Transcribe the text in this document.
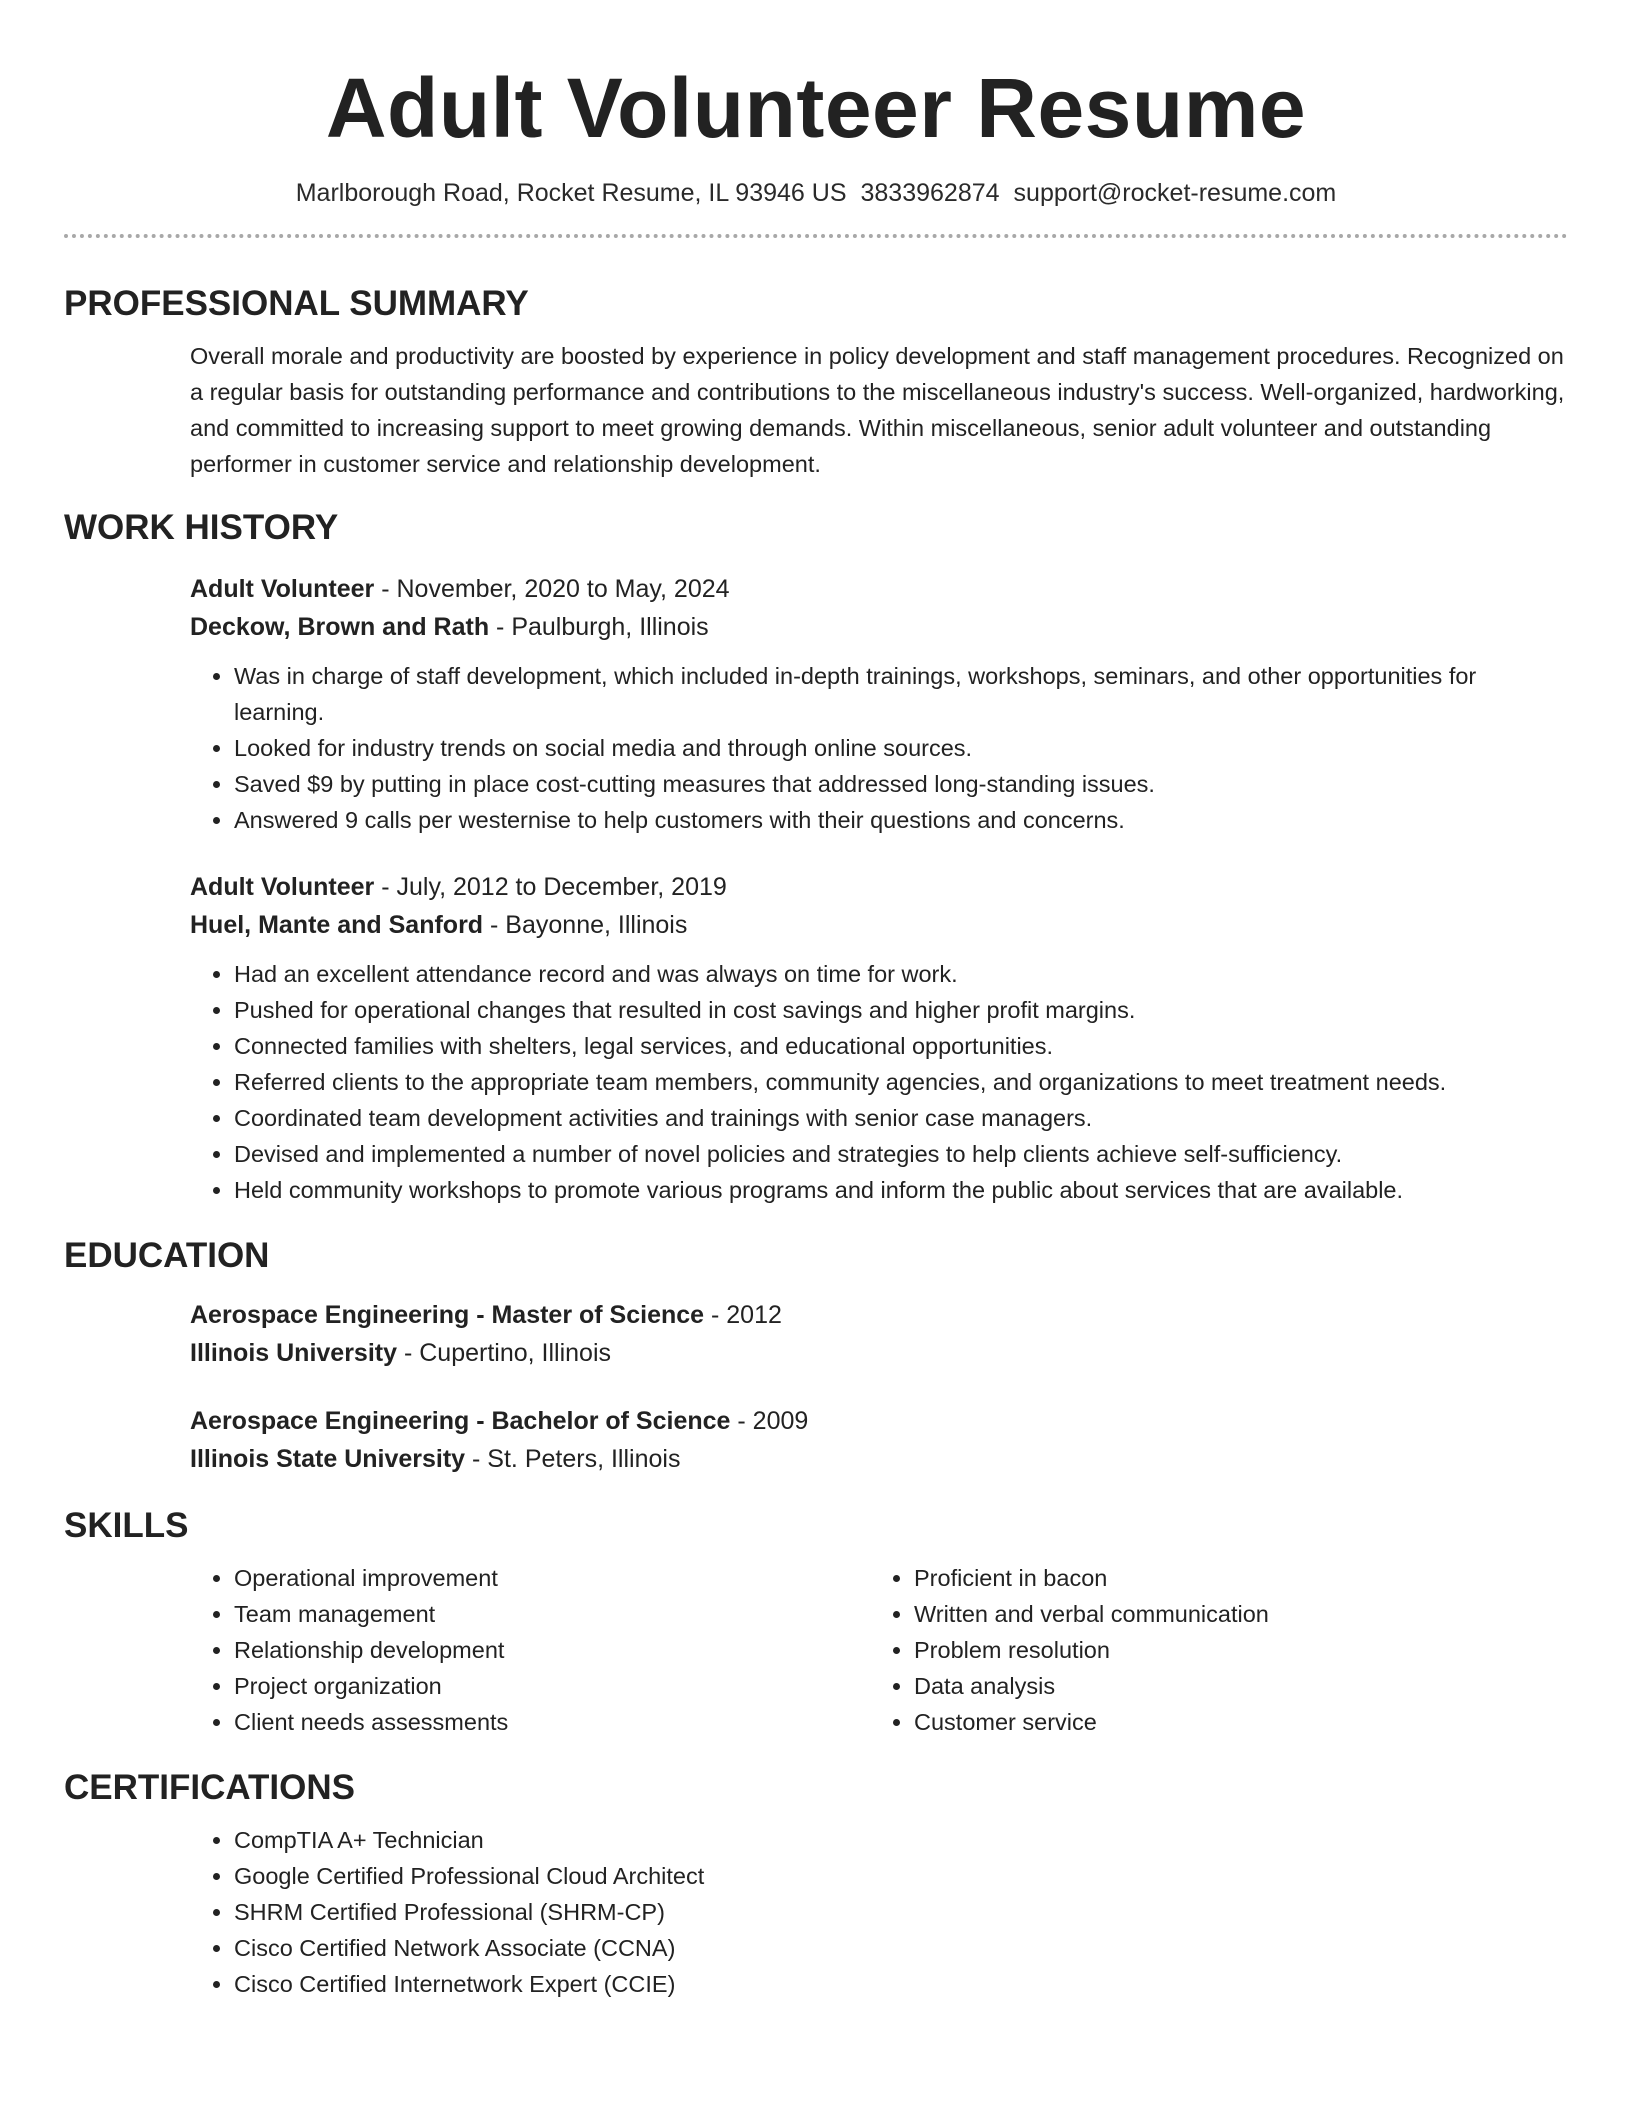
Adult Volunteer Resume
Marlborough Road, Rocket Resume, IL 93946 US 3833962874 support@rocket-resume.com
PROFESSIONAL SUMMARY

Overall morale and productivity are boosted by experience in policy development and staff management procedures. Recognized on a regular basis for outstanding performance and contributions to the miscellaneous industry's success. Well-organized, hardworking, and committed to increasing support to meet growing demands. Within miscellaneous, senior adult volunteer and outstanding performer in customer service and relationship development.

WORK HISTORY
Adult Volunteer - November, 2020 to May, 2024
Deckow, Brown and Rath - Paulburgh, Illinois
• Was in charge of staff development, which included in-depth trainings, workshops, seminars, and other opportunities for learning.
• Looked for industry trends on social media and through online sources.
• Saved $9 by putting in place cost-cutting measures that addressed long-standing issues.
• Answered 9 calls per westernise to help customers with their questions and concerns.
Adult Volunteer - July, 2012 to December, 2019
Huel, Mante and Sanford - Bayonne, Illinois
• Had an excellent attendance record and was always on time for work.
• Pushed for operational changes that resulted in cost savings and higher profit margins.
• Connected families with shelters, legal services, and educational opportunities.
• Referred clients to the appropriate team members, community agencies, and organizations to meet treatment needs.
• Coordinated team development activities and trainings with senior case managers.
• Devised and implemented a number of novel policies and strategies to help clients achieve self-sufficiency.
• Held community workshops to promote various programs and inform the public about services that are available.
EDUCATION
Aerospace Engineering - Master of Science - 2012
Illinois University - Cupertino, Illinois
Aerospace Engineering - Bachelor of Science - 2009
Illinois State University - St. Peters, Illinois
SKILLS
• Operational improvement
• Team management
• Relationship development
• Project organization
• Client needs assessments
• Proficient in bacon
• Written and verbal communication
• Problem resolution
• Data analysis
• Customer service
CERTIFICATIONS
• CompTIA A+ Technician
• Google Certified Professional Cloud Architect
• SHRM Certified Professional (SHRM-CP)
• Cisco Certified Network Associate (CCNA)
• Cisco Certified Internetwork Expert (CCIE)
